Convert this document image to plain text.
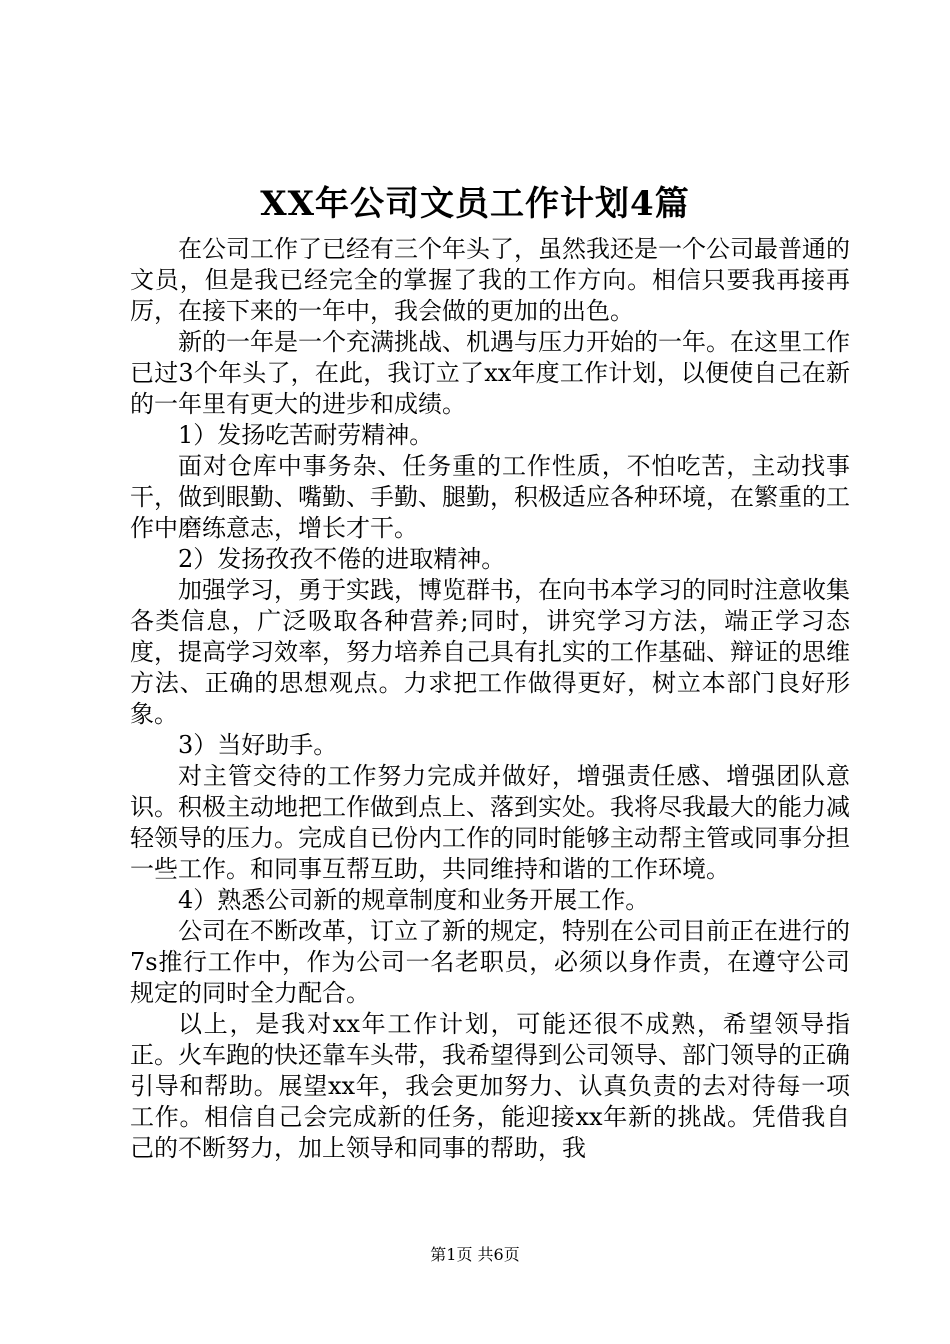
XX年公司文员工作计划4篇

在公司工作了已经有三个年头了，虽然我还是一个公司最普通的文员，但是我已经完全的掌握了我的工作方向。相信只要我再接再厉，在接下来的一年中，我会做的更加的出色。

新的一年是一个充满挑战、机遇与压力开始的一年。在这里工作已过3个年头了，在此，我订立了xx年度工作计划，以便使自己在新的一年里有更大的进步和成绩。

1）发扬吃苦耐劳精神。

面对仓库中事务杂、任务重的工作性质，不怕吃苦，主动找事干，做到眼勤、嘴勤、手勤、腿勤，积极适应各种环境，在繁重的工作中磨练意志，增长才干。

2）发扬孜孜不倦的进取精神。

加强学习，勇于实践，博览群书，在向书本学习的同时注意收集各类信息，广泛吸取各种营养;同时，讲究学习方法，端正学习态度，提高学习效率，努力培养自己具有扎实的工作基础、辩证的思维方法、正确的思想观点。力求把工作做得更好，树立本部门良好形象。

3）当好助手。

对主管交待的工作努力完成并做好，增强责任感、增强团队意识。积极主动地把工作做到点上、落到实处。我将尽我最大的能力减轻领导的压力。完成自已份内工作的同时能够主动帮主管或同事分担一些工作。和同事互帮互助，共同维持和谐的工作环境。

4）熟悉公司新的规章制度和业务开展工作。

公司在不断改革，订立了新的规定，特别在公司目前正在进行的7s推行工作中，作为公司一名老职员，必须以身作责，在遵守公司规定的同时全力配合。

以上，是我对xx年工作计划，可能还很不成熟，希望领导指正。火车跑的快还靠车头带，我希望得到公司领导、部门领导的正确引导和帮助。展望xx年，我会更加努力、认真负责的去对待每一项工作。相信自己会完成新的任务，能迎接xx年新的挑战。凭借我自己的不断努力，加上领导和同事的帮助，我

第1页 共6页
